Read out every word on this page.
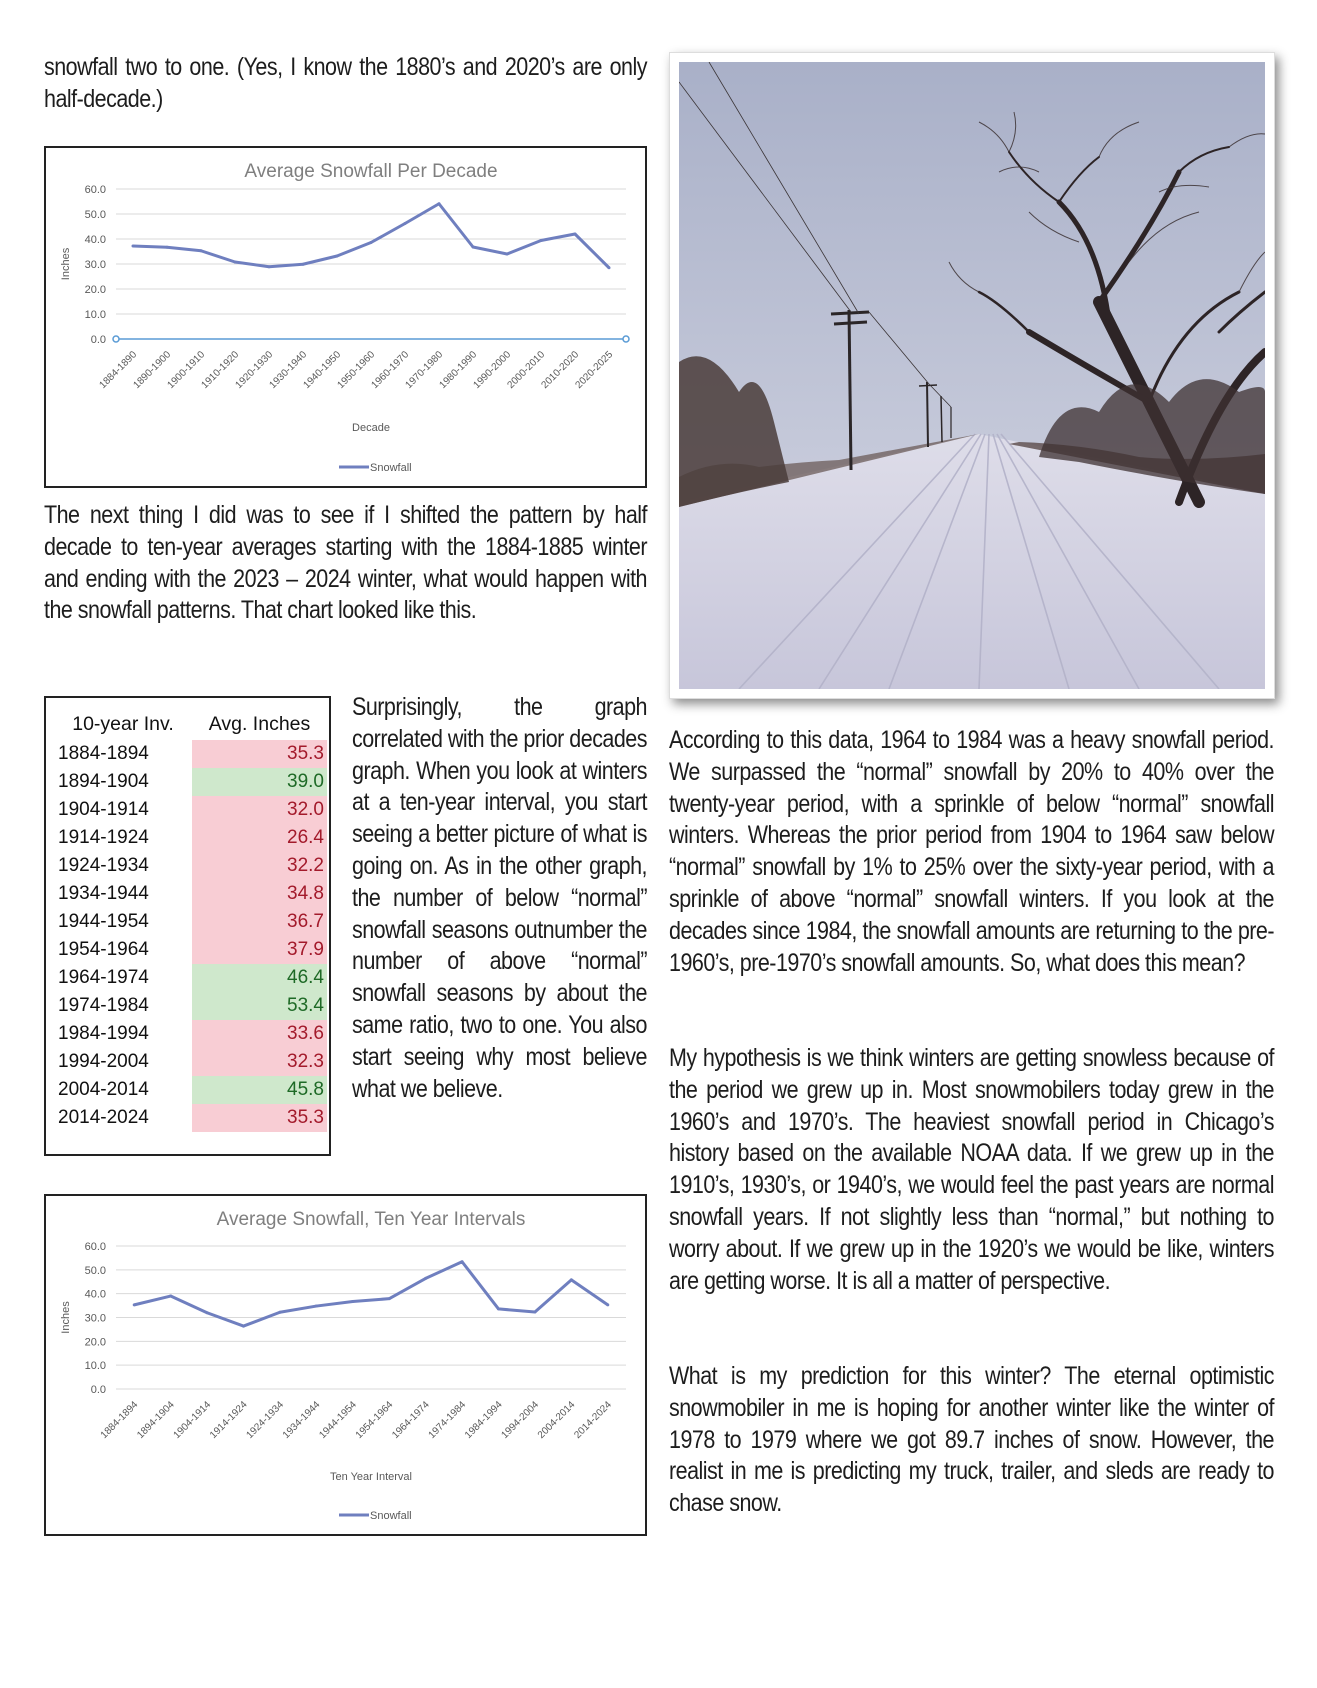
snowfall two to one. (Yes, I know the 1880’s and 2020’s are only half-decade.)
Average Snowfall Per Decade
Inches
0.0
10.0
20.0
30.0
40.0
50.0
60.0
1884-1890
1890-1900
1900-1910
1910-1920
1920-1930
1930-1940
1940-1950
1950-1960
1960-1970
1970-1980
1980-1990
1990-2000
2000-2010
2010-2020
2020-2025
Decade
Snowfall
The next thing I did was to see if I shifted the pattern by half decade to ten-year averages starting with the 1884-1885 winter and ending with the 2023 – 2024 winter, what would happen with the snowfall patterns. That chart looked like this.
10-year Inv.	Avg. Inches
1884-1894	35.3
1894-1904	39.0
1904-1914	32.0
1914-1924	26.4
1924-1934	32.2
1934-1944	34.8
1944-1954	36.7
1954-1964	37.9
1964-1974	46.4
1974-1984	53.4
1984-1994	33.6
1994-2004	32.3
2004-2014	45.8
2014-2024	35.3
Surprisingly, the graph correlated with the prior decades graph. When you look at winters at a ten-year interval, you start seeing a better picture of what is going on. As in the other graph, the number of below “normal” snowfall seasons outnumber the number of above “normal” snowfall seasons by about the same ratio, two to one. You also start seeing why most believe what we believe.
Average Snowfall, Ten Year Intervals
Inches
0.0
10.0
20.0
30.0
40.0
50.0
60.0
1884-1894
1894-1904
1904-1914
1914-1924
1924-1934
1934-1944
1944-1954
1954-1964
1964-1974
1974-1984
1984-1994
1994-2004
2004-2014
2014-2024
Ten Year Interval
Snowfall
According to this data, 1964 to 1984 was a heavy snowfall period. We surpassed the “normal” snowfall by 20% to 40% over the twenty-year period, with a sprinkle of below “normal” snowfall winters. Whereas the prior period from 1904 to 1964 saw below “normal” snowfall by 1% to 25% over the sixty-year period, with a sprinkle of above “normal” snowfall winters. If you look at the decades since 1984, the snowfall amounts are returning to the pre-1960’s, pre-1970’s snowfall amounts. So, what does this mean?
My hypothesis is we think winters are getting snowless because of the period we grew up in. Most snowmobilers today grew in the 1960’s and 1970’s. The heaviest snowfall period in Chicago’s history based on the available NOAA data. If we grew up in the 1910’s, 1930’s, or 1940’s, we would feel the past years are normal snowfall years. If not slightly less than “normal,” but nothing to worry about. If we grew up in the 1920’s we would be like, winters are getting worse. It is all a matter of perspective.
What is my prediction for this winter? The eternal optimistic snowmobiler in me is hoping for another winter like the winter of 1978 to 1979 where we got 89.7 inches of snow. However, the realist in me is predicting my truck, trailer, and sleds are ready to chase snow.
